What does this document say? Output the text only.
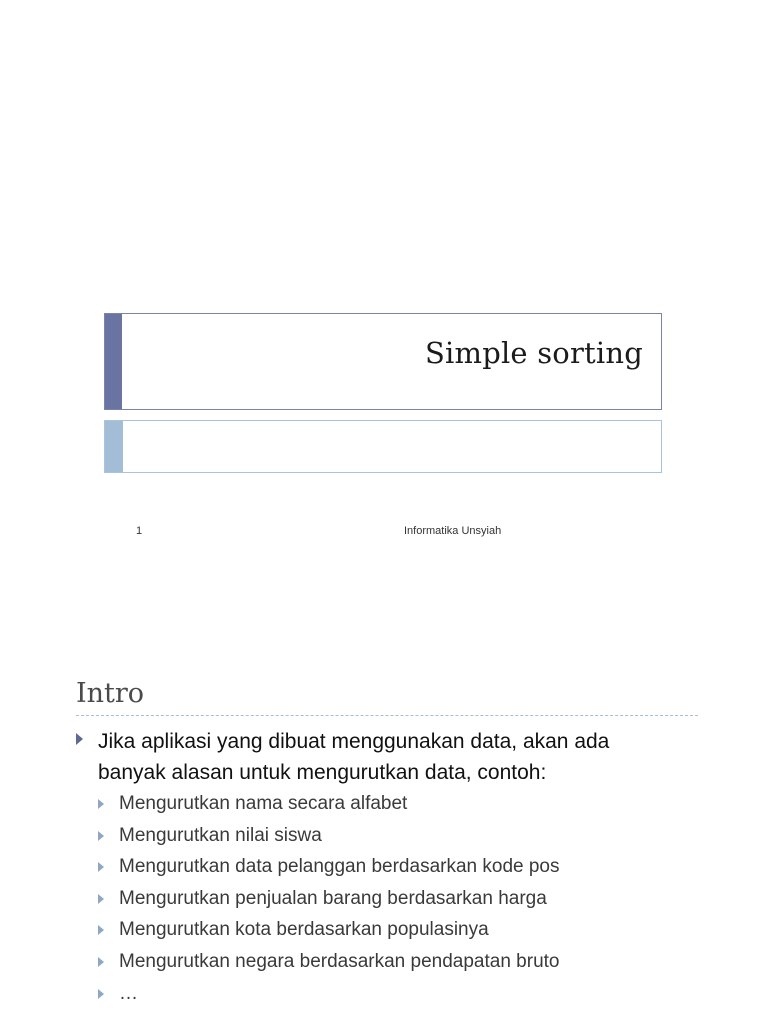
Simple sorting
1	Informatika Unsyiah
Intro
Jika aplikasi yang dibuat menggunakan data, akan ada banyak alasan untuk mengurutkan data, contoh:
Mengurutkan nama secara alfabet
Mengurutkan nilai siswa
Mengurutkan data pelanggan berdasarkan kode pos
Mengurutkan penjualan barang berdasarkan harga
Mengurutkan kota berdasarkan populasinya
Mengurutkan negara berdasarkan pendapatan bruto
…
